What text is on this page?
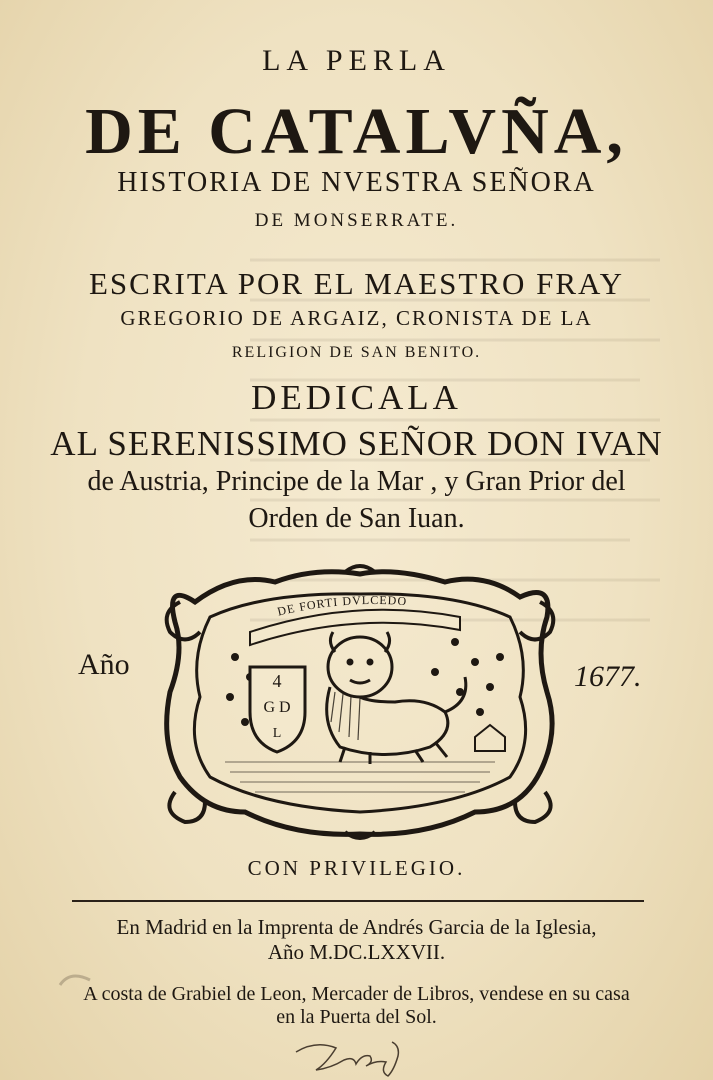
LA PERLA
DE CATALVÑA,
HISTORIA DE NVESTRA SEÑORA
DE MONSERRATE.
ESCRITA POR EL MAESTRO FRAY
GREGORIO DE ARGAIZ, CRONISTA DE LA
RELIGION DE SAN BENITO.
DEDICALA
AL SERENISSIMO SEÑOR DON IVAN
de Austria, Principe de la Mar , y Gran Prior del
Orden de San Iuan.
Año	1677.
DE FORTI DVLCEDO
4
G D
L
CON PRIVILEGIO.
En Madrid en la Imprenta de Andrés Garcia de la Iglesia,
Año M.DC.LXXVII.
A costa de Grabiel de Leon, Mercader de Libros, vendese en su casa
en la Puerta del Sol.
